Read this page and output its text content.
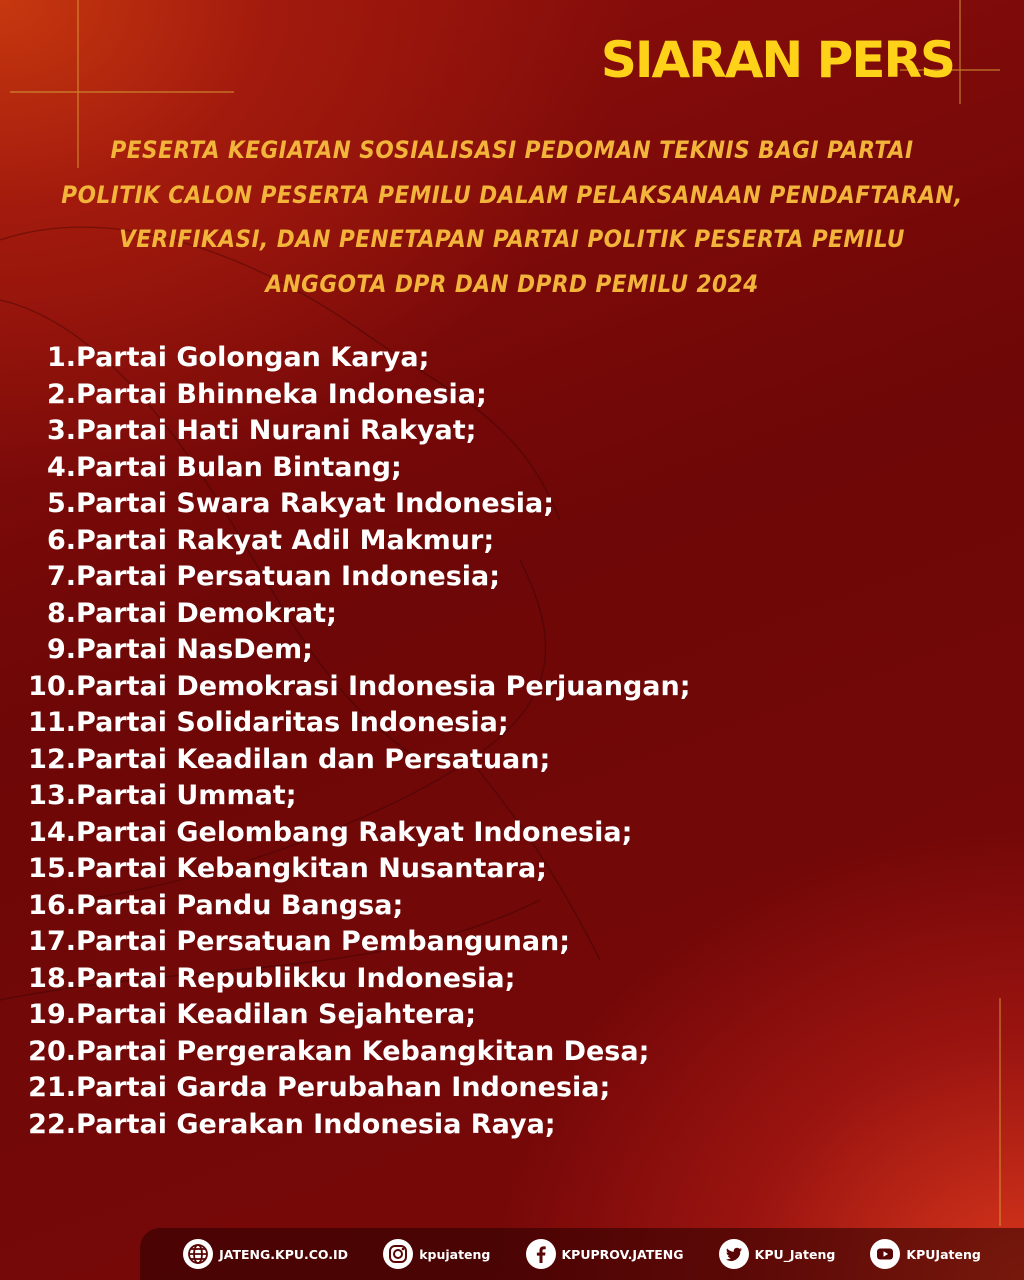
SIARAN PERS
PESERTA KEGIATAN SOSIALISASI PEDOMAN TEKNIS BAGI PARTAI
POLITIK CALON PESERTA PEMILU DALAM PELAKSANAAN PENDAFTARAN,
VERIFIKASI, DAN PENETAPAN PARTAI POLITIK PESERTA PEMILU
ANGGOTA DPR DAN DPRD PEMILU 2024
1. Partai Golongan Karya;
2. Partai Bhinneka Indonesia;
3. Partai Hati Nurani Rakyat;
4. Partai Bulan Bintang;
5. Partai Swara Rakyat Indonesia;
6. Partai Rakyat Adil Makmur;
7. Partai Persatuan Indonesia;
8. Partai Demokrat;
9. Partai NasDem;
10. Partai Demokrasi Indonesia Perjuangan;
11. Partai Solidaritas Indonesia;
12. Partai Keadilan dan Persatuan;
13. Partai Ummat;
14. Partai Gelombang Rakyat Indonesia;
15. Partai Kebangkitan Nusantara;
16. Partai Pandu Bangsa;
17. Partai Persatuan Pembangunan;
18. Partai Republikku Indonesia;
19. Partai Keadilan Sejahtera;
20. Partai Pergerakan Kebangkitan Desa;
21. Partai Garda Perubahan Indonesia;
22. Partai Gerakan Indonesia Raya;
JATENG.KPU.CO.ID	kpujateng	KPUPROV.JATENG	KPU_Jateng	KPUJateng
